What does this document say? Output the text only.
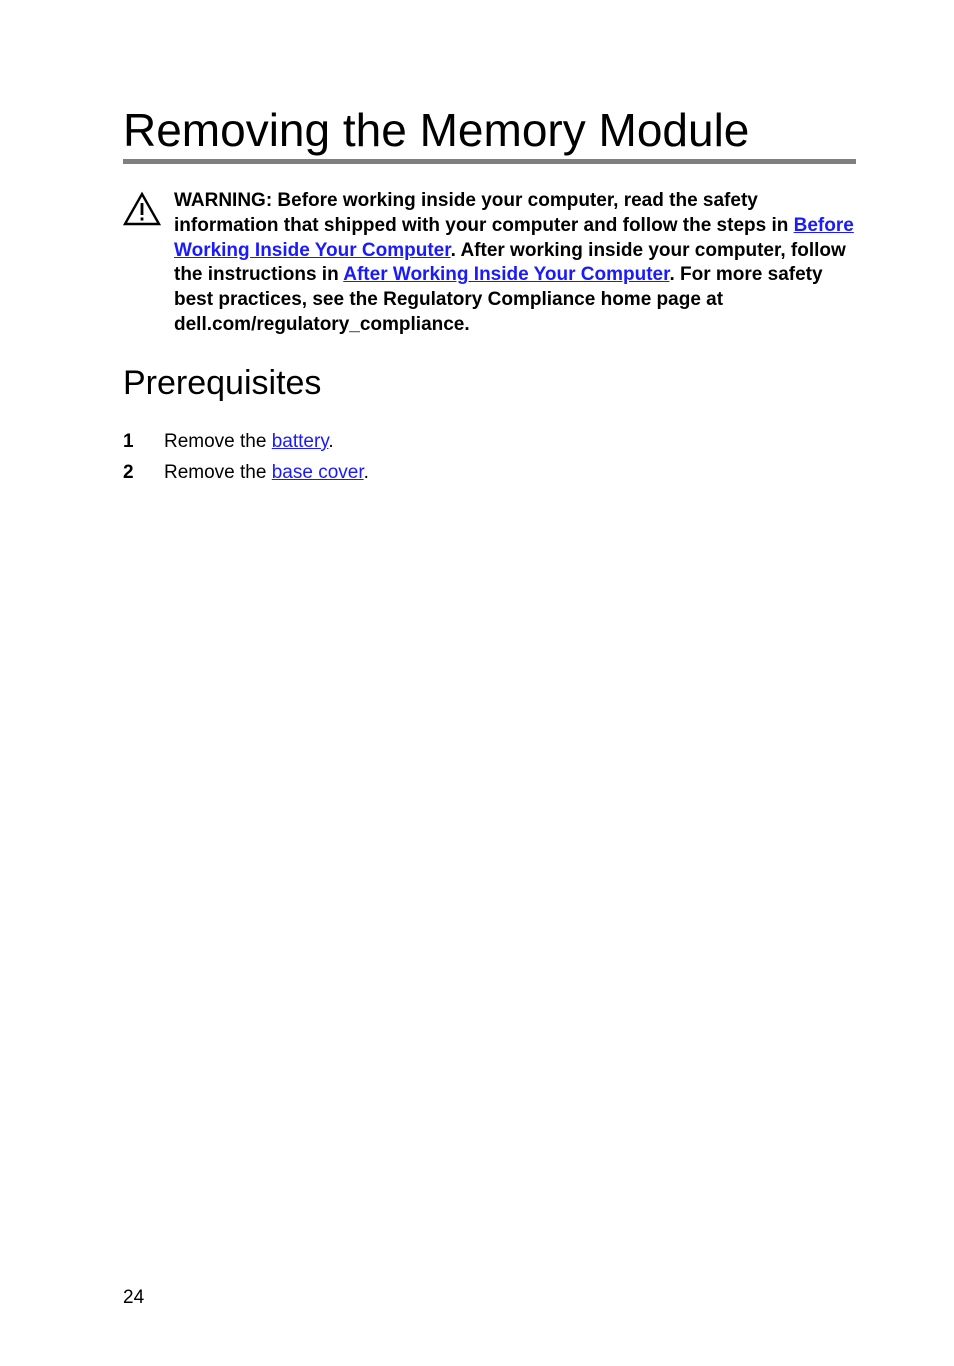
Removing the Memory Module

WARNING: Before working inside your computer, read the safety information that shipped with your computer and follow the steps in Before Working Inside Your Computer. After working inside your computer, follow the instructions in After Working Inside Your Computer. For more safety best practices, see the Regulatory Compliance home page at dell.com/regulatory_compliance.

Prerequisites
1 Remove the battery.
2 Remove the base cover.
24
